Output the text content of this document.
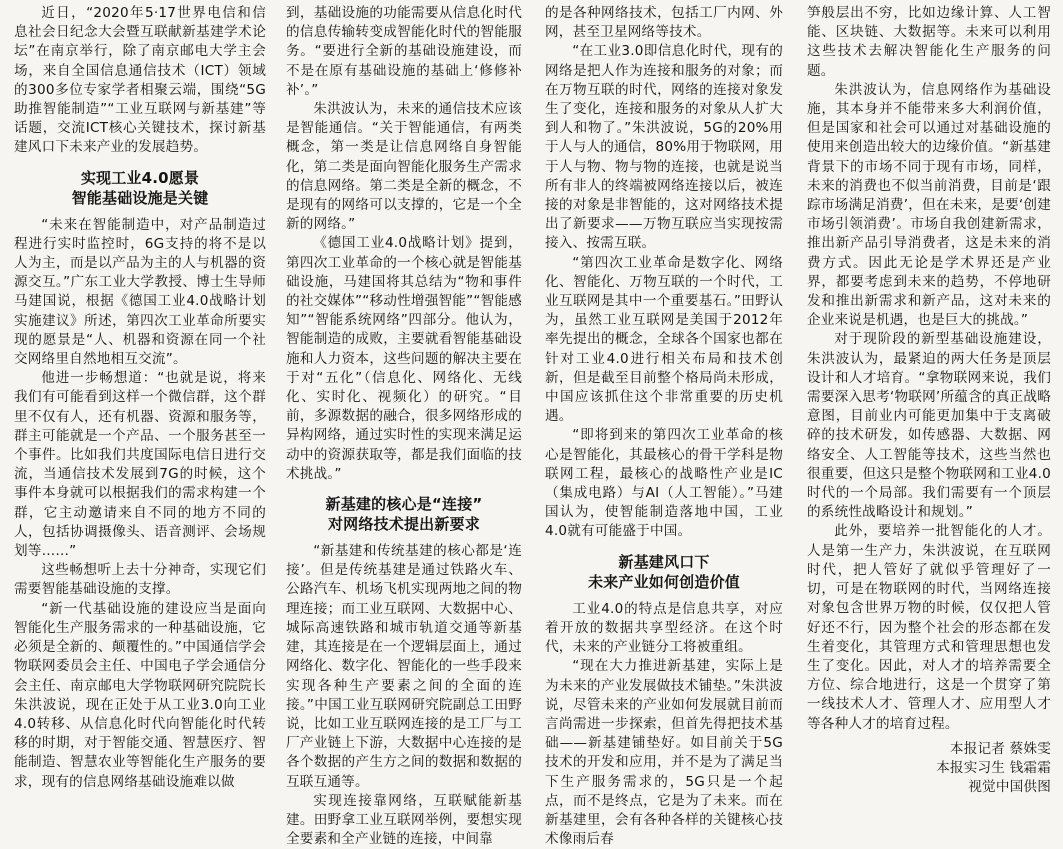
近日，“2020年5·17世界电信和信息社会日纪念大会暨互联献新基建学术论坛”在南京举行，除了南京邮电大学主会场，来自全国信息通信技术（ICT）领域的300多位专家学者相聚云端，围绕“5G助推智能制造”“工业互联网与新基建”等话题，交流ICT核心关键技术，探讨新基建风口下未来产业的发展趋势。

实现工业4.0愿景
智能基础设施是关键

“未来在智能制造中，对产品制造过程进行实时监控时，6G支持的将不是以人为主，而是以产品为主的人与机器的资源交互。”广东工业大学教授、博士生导师马建国说，根据《德国工业4.0战略计划实施建议》所述，第四次工业革命所要实现的愿景是“人、机器和资源在同一个社交网络里自然地相互交流”。

他进一步畅想道：“也就是说，将来我们有可能看到这样一个微信群，这个群里不仅有人，还有机器、资源和服务等，群主可能就是一个产品、一个服务甚至一个事件。比如我们共度国际电信日进行交流，当通信技术发展到7G的时候，这个事件本身就可以根据我们的需求构建一个群，它主动邀请来自不同的地方不同的人，包括协调摄像头、语音测评、会场规划等……”

这些畅想听上去十分神奇，实现它们需要智能基础设施的支撑。

“新一代基础设施的建设应当是面向智能化生产服务需求的一种基础设施，它必须是全新的、颠覆性的。”中国通信学会物联网委员会主任、中国电子学会通信分会主任、南京邮电大学物联网研究院院长朱洪波说，现在正处于从工业3.0向工业4.0转移、从信息化时代向智能化时代转移的时期，对于智能交通、智慧医疗、智能制造、智慧农业等智能化生产服务的要求，现有的信息网络基础设施难以做

到，基础设施的功能需要从信息化时代的信息传输转变成智能化时代的智能服务。“要进行全新的基础设施建设，而不是在原有基础设施的基础上‘修修补补’。”

朱洪波认为，未来的通信技术应该是智能通信。“关于智能通信，有两类概念，第一类是让信息网络自身智能化，第二类是面向智能化服务生产需求的信息网络。第二类是全新的概念，不是现有的网络可以支撑的，它是一个全新的网络。”

《德国工业4.0战略计划》提到，第四次工业革命的一个核心就是智能基础设施，马建国将其总结为“物和事件的社交媒体”“移动性增强智能”“智能感知”“智能系统网络”四部分。他认为，智能制造的成败，主要就看智能基础设施和人力资本，这些问题的解决主要在于对“五化”（信息化、网络化、无线化、实时化、视频化）的研究。“目前，多源数据的融合，很多网络形成的异构网络，通过实时性的实现来满足运动中的资源获取等，都是我们面临的技术挑战。”

新基建的核心是“连接”
对网络技术提出新要求

“新基建和传统基建的核心都是‘连接’。但是传统基建是通过铁路火车、公路汽车、机场飞机实现两地之间的物理连接；而工业互联网、大数据中心、城际高速铁路和城市轨道交通等新基建，其连接是在一个逻辑层面上，通过网络化、数字化、智能化的一些手段来实现各种生产要素之间的全面的连接。”中国工业互联网研究院副总工田野说，比如工业互联网连接的是工厂与工厂产业链上下游，大数据中心连接的是各个数据的产生方之间的数据和数据的互联互通等。

实现连接靠网络，互联赋能新基建。田野拿工业互联网举例，要想实现全要素和全产业链的连接，中间靠

的是各种网络技术，包括工厂内网、外网，甚至卫星网络等技术。

“在工业3.0即信息化时代，现有的网络是把人作为连接和服务的对象；而在万物互联的时代，网络的连接对象发生了变化，连接和服务的对象从人扩大到人和物了。”朱洪波说，5G的20%用于人与人的通信，80%用于物联网，用于人与物、物与物的连接，也就是说当所有非人的终端被网络连接以后，被连接的对象是非智能的，这对网络技术提出了新要求——万物互联应当实现按需接入、按需互联。

“第四次工业革命是数字化、网络化、智能化、万物互联的一个时代，工业互联网是其中一个重要基石。”田野认为，虽然工业互联网是美国于2012年率先提出的概念，全球各个国家也都在针对工业4.0进行相关布局和技术创新，但是截至目前整个格局尚未形成，中国应该抓住这个非常重要的历史机遇。

“即将到来的第四次工业革命的核心是智能化，其最核心的骨干学科是物联网工程，最核心的战略性产业是IC（集成电路）与AI（人工智能）。”马建国认为，使智能制造落地中国，工业4.0就有可能盛于中国。

新基建风口下
未来产业如何创造价值

工业4.0的特点是信息共享，对应着开放的数据共享型经济。在这个时代，未来的产业链分工将被重组。

“现在大力推进新基建，实际上是为未来的产业发展做技术铺垫。”朱洪波说，尽管未来的产业如何发展就目前而言尚需进一步探索，但首先得把技术基础——新基建铺垫好。如目前关于5G技术的开发和应用，并不是为了满足当下生产服务需求的，5G只是一个起点，而不是终点，它是为了未来。而在新基建里，会有各种各样的关键核心技术像雨后春

笋般层出不穷，比如边缘计算、人工智能、区块链、大数据等。未来可以利用这些技术去解决智能化生产服务的问题。

朱洪波认为，信息网络作为基础设施，其本身并不能带来多大利润价值，但是国家和社会可以通过对基础设施的使用来创造出较大的边缘价值。“新基建背景下的市场不同于现有市场，同样，未来的消费也不似当前消费，目前是‘跟踪市场满足消费’，但在未来，是要‘创建市场引领消费’。市场自我创建新需求，推出新产品引导消费者，这是未来的消费方式。因此无论是学术界还是产业界，都要考虑到未来的趋势，不停地研发和推出新需求和新产品，这对未来的企业来说是机遇，也是巨大的挑战。”

对于现阶段的新型基础设施建设，朱洪波认为，最紧迫的两大任务是顶层设计和人才培育。“拿物联网来说，我们需要深入思考‘物联网’所蕴含的真正战略意图，目前业内可能更加集中于支离破碎的技术研发，如传感器、大数据、网络安全、人工智能等技术，这些当然也很重要，但这只是整个物联网和工业4.0时代的一个局部。我们需要有一个顶层的系统性战略设计和规划。”

此外，要培养一批智能化的人才。人是第一生产力，朱洪波说，在互联网时代，把人管好了就似乎管理好了一切，可是在物联网的时代，当网络连接对象包含世界万物的时候，仅仅把人管好还不行，因为整个社会的形态都在发生着变化，其管理方式和管理思想也发生了变化。因此，对人才的培养需要全方位、综合地进行，这是一个贯穿了第一线技术人才、管理人才、应用型人才等各种人才的培育过程。

本报记者 蔡姝雯
本报实习生 钱霜霜
视觉中国供图
